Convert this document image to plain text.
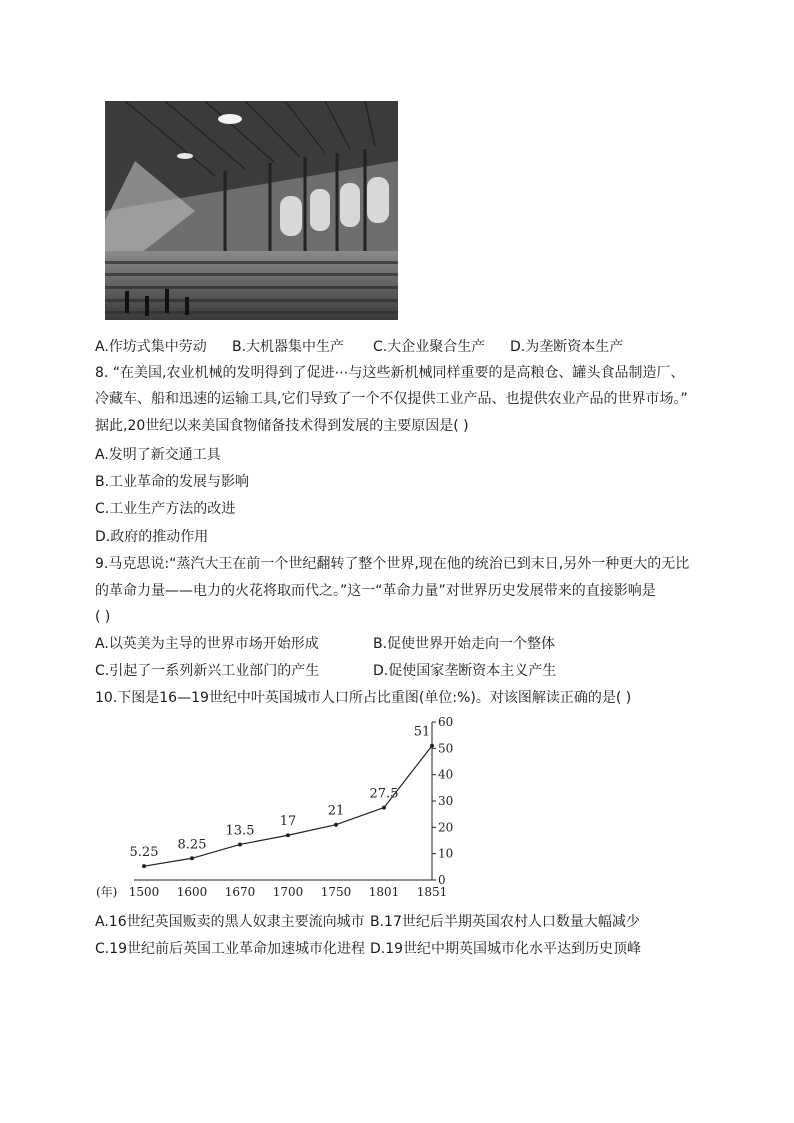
A.作坊式集中劳动 B.大机器集中生产 C.大企业聚合生产 D.为垄断资本生产
8. “在美国,农业机械的发明得到了促进⋯与这些新机械同样重要的是高粮仓、罐头食品制造厂、
冷藏车、船和迅速的运输工具,它们导致了一个不仅提供工业产品、也提供农业产品的世界市场。”
据此,20世纪以来美国食物储备技术得到发展的主要原因是( )
A.发明了新交通工具
B.工业革命的发展与影响
C.工业生产方法的改进
D.政府的推动作用
9.马克思说:“蒸汽大王在前一个世纪翻转了整个世界,现在他的统治已到末日,另外一种更大的无比
的革命力量——电力的火花将取而代之。”这一“革命力量”对世界历史发展带来的直接影响是
( )
A.以英美为主导的世界市场开始形成	B.促使世界开始走向一个整体
C.引起了一系列新兴工业部门的产生	D.促使国家垄断资本主义产生
10.下图是16—19世纪中叶英国城市人口所占比重图(单位:%)。对该图解读正确的是( )
0
10
20
30
40
50
60
1500 1600 1670 1700 1750 1801 1851
5.25
8.25
13.5
17
21
27.5
51
(年)
A.16世纪英国贩卖的黑人奴隶主要流向城市 B.17世纪后半期英国农村人口数量大幅减少
C.19世纪前后英国工业革命加速城市化进程 D.19世纪中期英国城市化水平达到历史顶峰
